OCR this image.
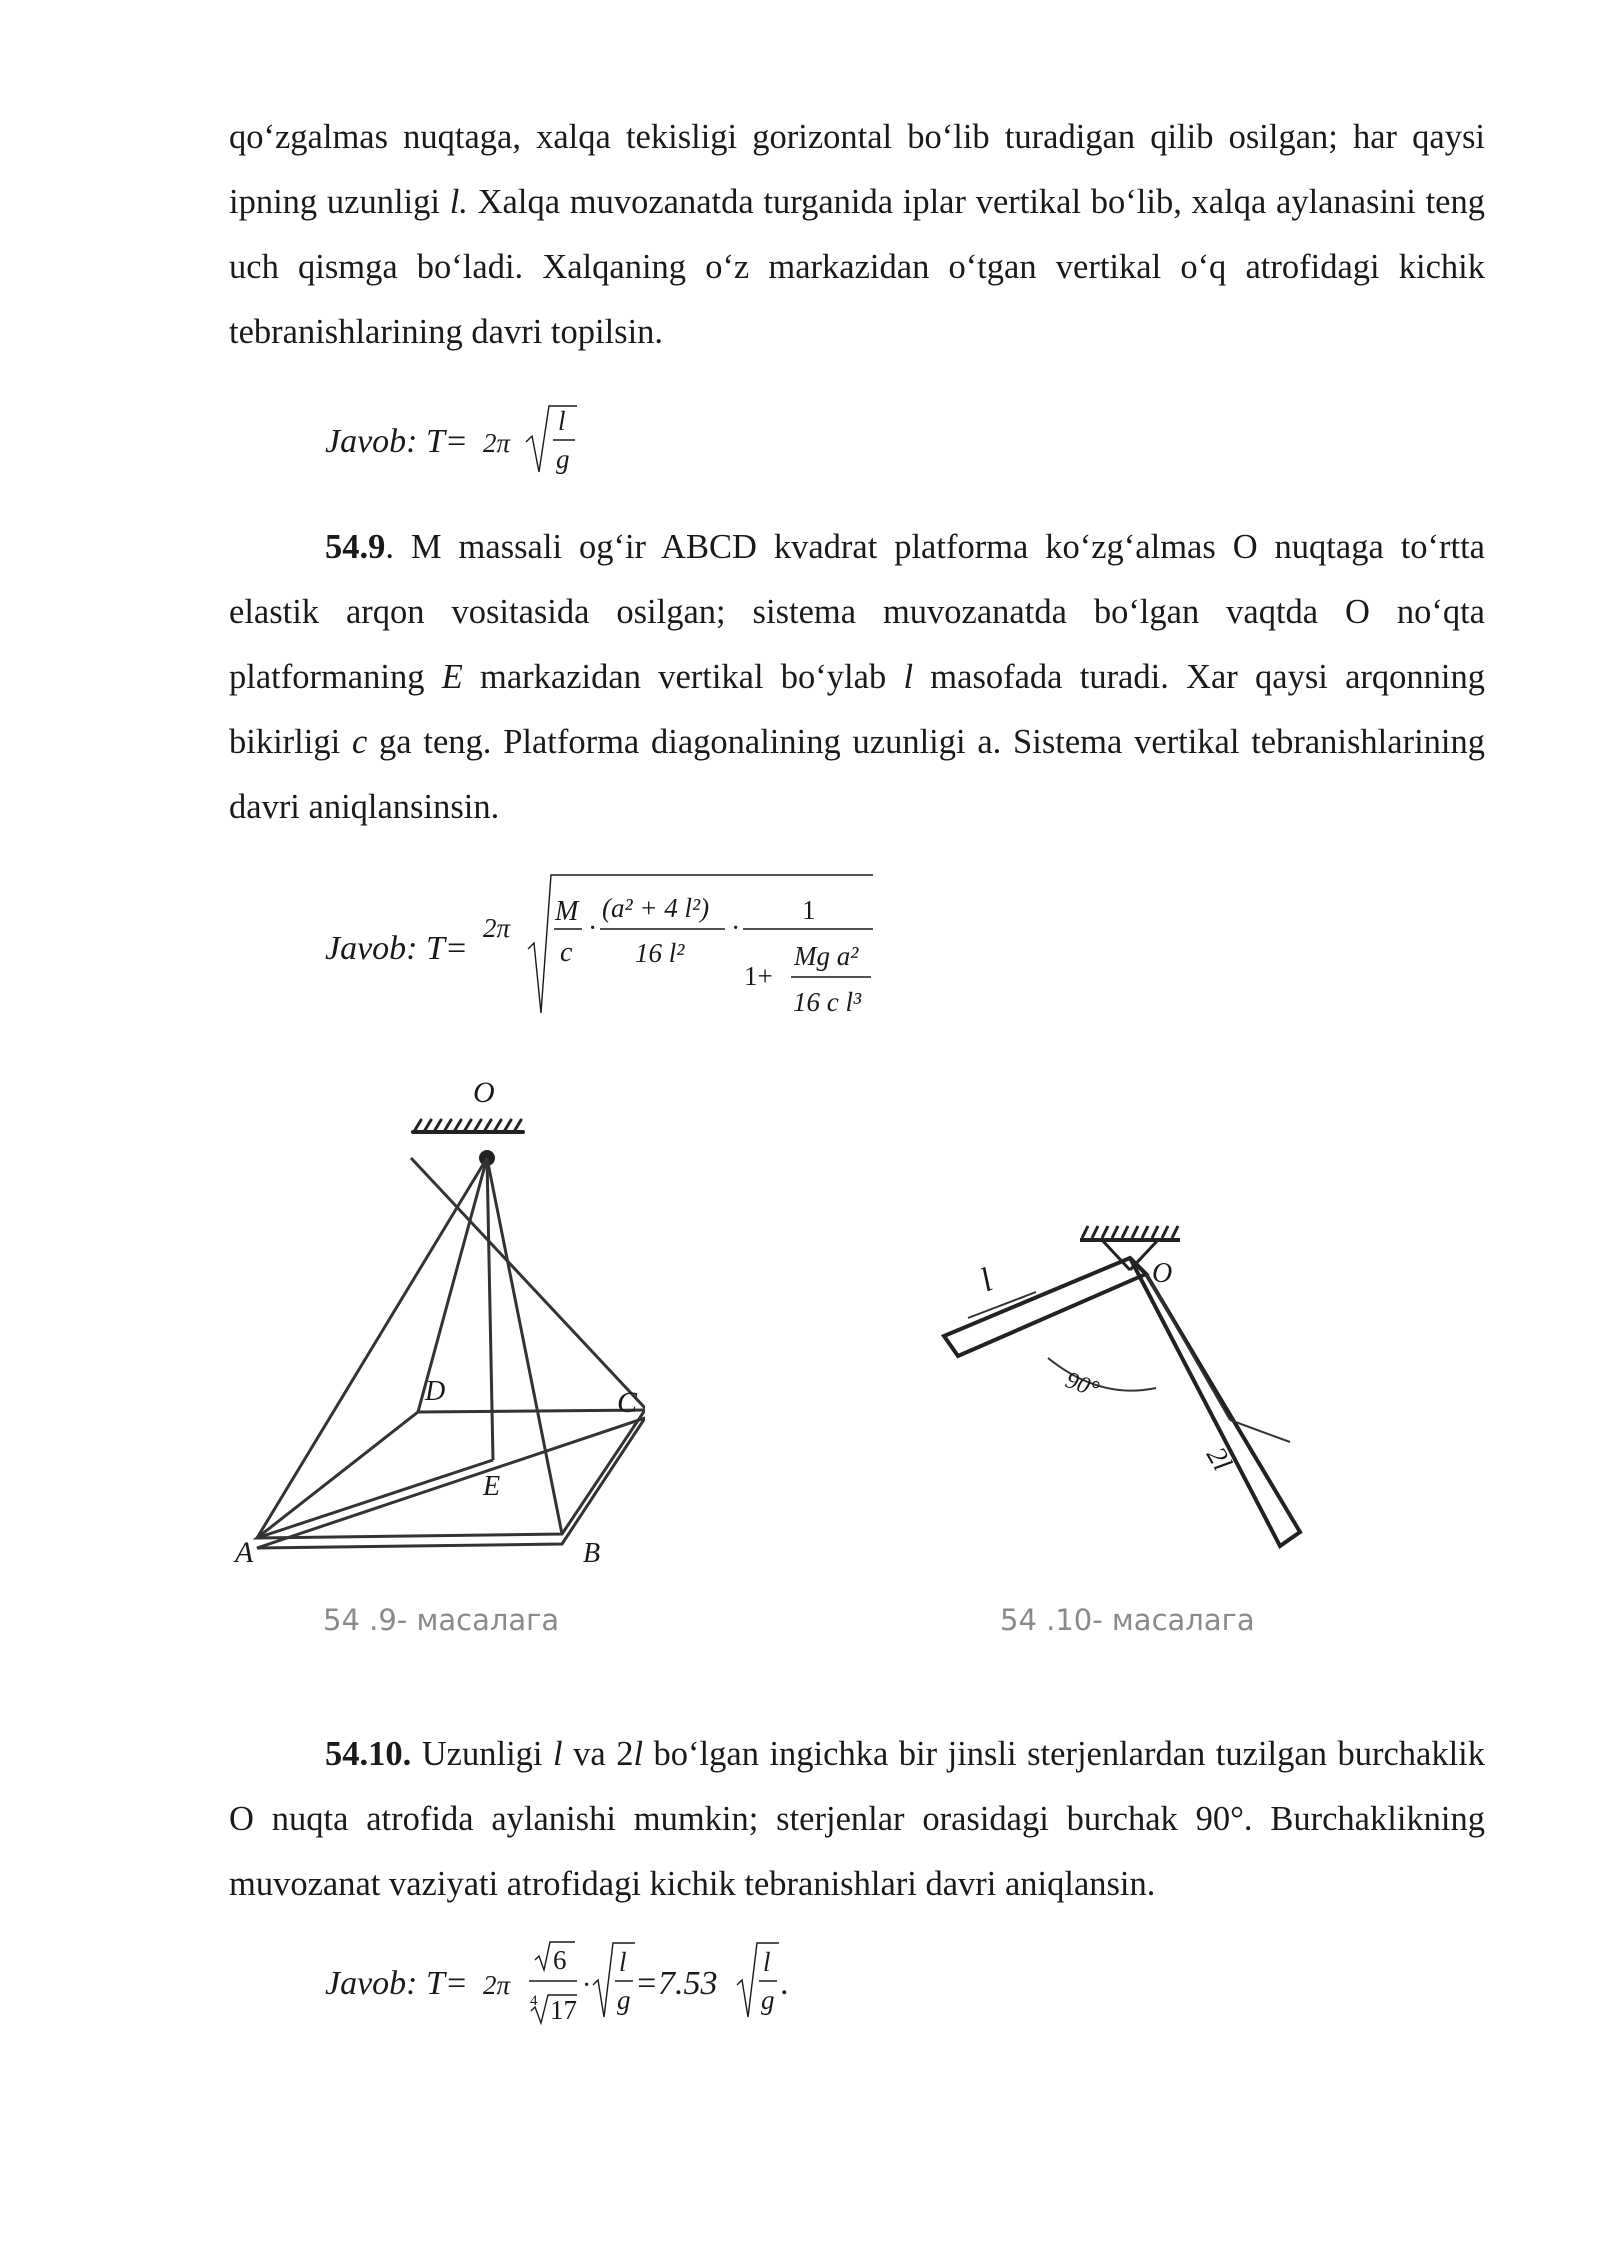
qo‘zgalmas nuqtaga, xalqa tekisligi gorizontal bo‘lib turadigan qilib osilgan; har qaysi ipning uzunligi l. Xalqa muvozanatda turganida iplar vertikal bo‘lib, xalqa aylanasini teng uch qismga bo‘ladi. Xalqaning o‘z markazidan o‘tgan vertikal o‘q atrofidagi kichik tebranishlarining davri topilsin.

Javob: T= 2π
l
g

54.9. M massali og‘ir ABCD kvadrat platforma ko‘zg‘almas O nuqtaga to‘rtta elastik arqon vositasida osilgan; sistema muvozanatda bo‘lgan vaqtda O no‘qta platformaning E markazidan vertikal bo‘ylab l masofada turadi. Xar qaysi arqonning bikirligi c ga teng. Platforma diagonalining uzunligi a. Sistema vertikal tebranishlarining davri aniqlansinsin.

Javob: T=
2π
M
c
·
(a² + 4 l²)
16 l²
·
1
1+
Mg a²
16 c l³
O
A	B
C
D
E
54 .9- масалага
l	O
90°
2l
54 .10- масалага

54.10. Uzunligi l va 2l bo‘lgan ingichka bir jinsli sterjenlardan tuzilgan burchaklik O nuqta atrofida aylanishi mumkin; sterjenlar orasidagi burchak 90°. Burchaklikning muvozanat vaziyati atrofidagi kichik tebranishlari davri aniqlansin.

Javob: T= 2π
6
4 17
·
l
g =7.53
l
g .
